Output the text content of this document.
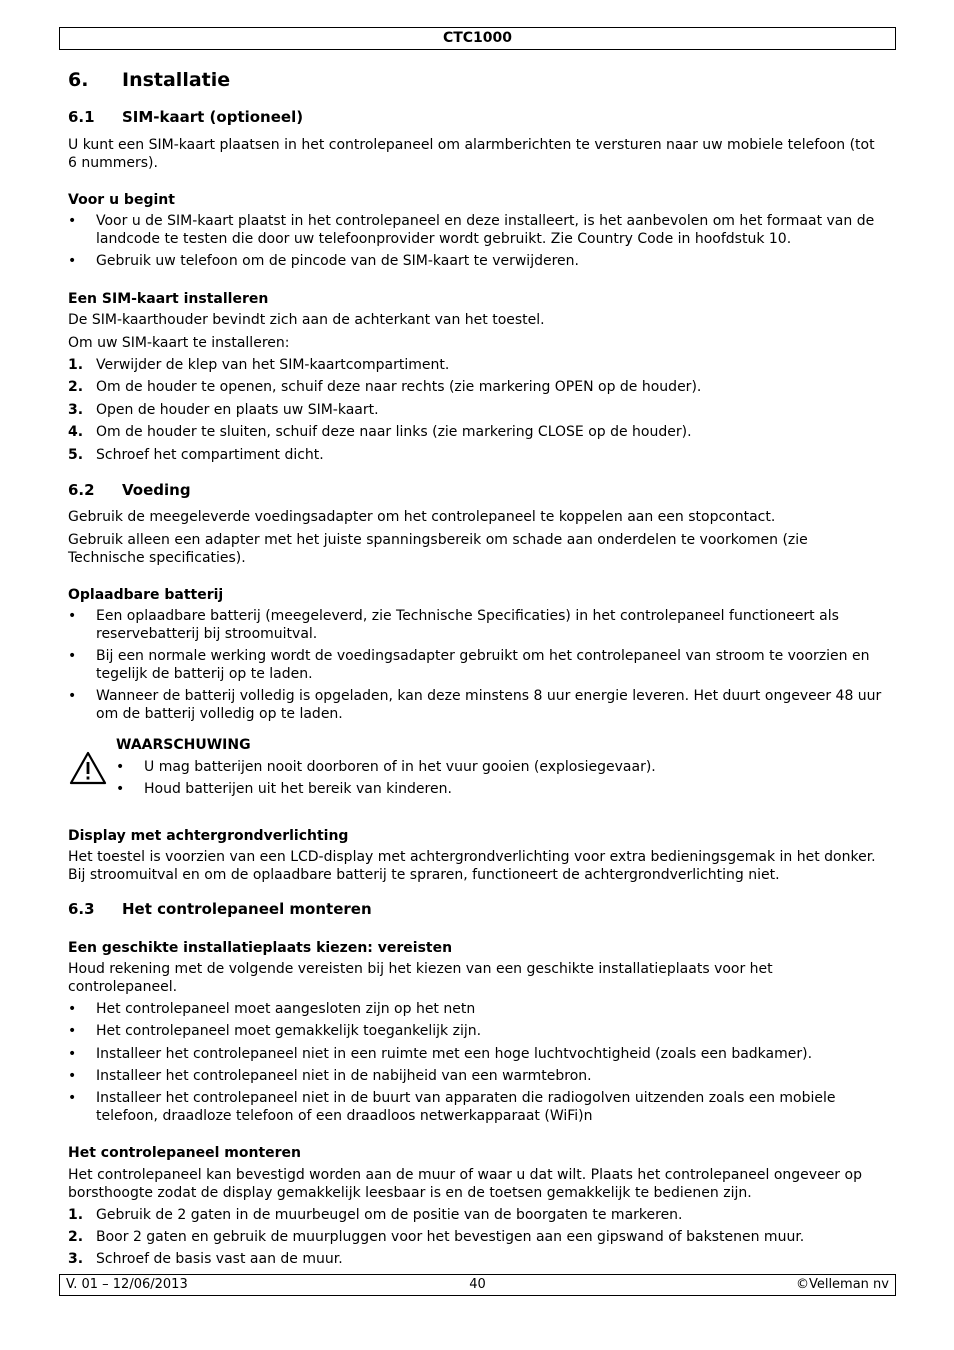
CTC1000
6. Installatie
6.1 SIM-kaart (optioneel)

U kunt een SIM-kaart plaatsen in het controlepaneel om alarmberichten te versturen naar uw mobiele telefoon (tot 6 nummers).

Voor u begint
• Voor u de SIM-kaart plaatst in het controlepaneel en deze installeert, is het aanbevolen om het formaat van de landcode te testen die door uw telefoonprovider wordt gebruikt. Zie Country Code in hoofdstuk 10.
• Gebruik uw telefoon om de pincode van de SIM-kaart te verwijderen.
Een SIM-kaart installeren

De SIM-kaarthouder bevindt zich aan de achterkant van het toestel.

Om uw SIM-kaart te installeren:

1. Verwijder de klep van het SIM-kaartcompartiment.
2. Om de houder te openen, schuif deze naar rechts (zie markering OPEN op de houder).
3. Open de houder en plaats uw SIM-kaart.
4. Om de houder te sluiten, schuif deze naar links (zie markering CLOSE op de houder).
5. Schroef het compartiment dicht.
6.2 Voeding

Gebruik de meegeleverde voedingsadapter om het controlepaneel te koppelen aan een stopcontact.

Gebruik alleen een adapter met het juiste spanningsbereik om schade aan onderdelen te voorkomen (zie Technische specificaties).

Oplaadbare batterij
• Een oplaadbare batterij (meegeleverd, zie Technische Specificaties) in het controlepaneel functioneert als reservebatterij bij stroomuitval.
• Bij een normale werking wordt de voedingsadapter gebruikt om het controlepaneel van stroom te voorzien en tegelijk de batterij op te laden.
• Wanneer de batterij volledig is opgeladen, kan deze minstens 8 uur energie leveren. Het duurt ongeveer 48 uur om de batterij volledig op te laden.
WAARSCHUWING
• U mag batterijen nooit doorboren of in het vuur gooien (explosiegevaar).
• Houd batterijen uit het bereik van kinderen.
Display met achtergrondverlichting

Het toestel is voorzien van een LCD-display met achtergrondverlichting voor extra bedieningsgemak in het donker. Bij stroomuitval en om de oplaadbare batterij te spraren, functioneert de achtergrondverlichting niet.

6.3 Het controlepaneel monteren
Een geschikte installatieplaats kiezen: vereisten

Houd rekening met de volgende vereisten bij het kiezen van een geschikte installatieplaats voor het controlepaneel.

• Het controlepaneel moet aangesloten zijn op het netn
• Het controlepaneel moet gemakkelijk toegankelijk zijn.
• Installeer het controlepaneel niet in een ruimte met een hoge luchtvochtigheid (zoals een badkamer).
• Installeer het controlepaneel niet in de nabijheid van een warmtebron.
• Installeer het controlepaneel niet in de buurt van apparaten die radiogolven uitzenden zoals een mobiele telefoon, draadloze telefoon of een draadloos netwerkapparaat (WiFi)n
Het controlepaneel monteren

Het controlepaneel kan bevestigd worden aan de muur of waar u dat wilt. Plaats het controlepaneel ongeveer op borsthoogte zodat de display gemakkelijk leesbaar is en de toetsen gemakkelijk te bedienen zijn.

1. Gebruik de 2 gaten in de muurbeugel om de positie van de boorgaten te markeren.
2. Boor 2 gaten en gebruik de muurpluggen voor het bevestigen aan een gipswand of bakstenen muur.
3. Schroef de basis vast aan de muur.
V. 01 – 12/06/2013	40	©Velleman nv
